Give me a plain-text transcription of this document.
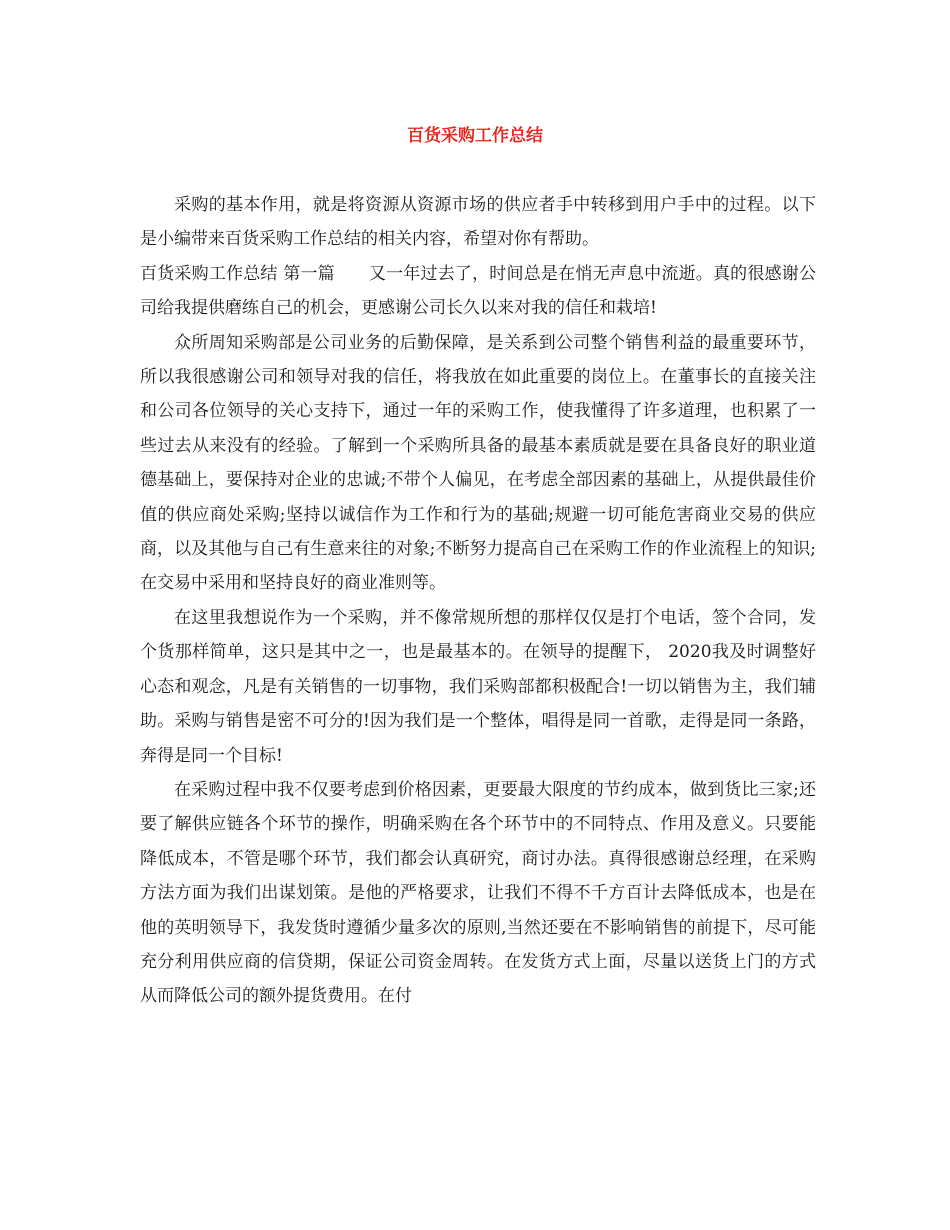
百货采购工作总结

采购的基本作用，就是将资源从资源市场的供应者手中转移到用户手中的过程。以下是小编带来百货采购工作总结的相关内容，希望对你有帮助。

百货采购工作总结 第一篇 又一年过去了，时间总是在悄无声息中流逝。真的很感谢公司给我提供磨练自己的机会，更感谢公司长久以来对我的信任和栽培!

众所周知采购部是公司业务的后勤保障，是关系到公司整个销售利益的最重要环节，所以我很感谢公司和领导对我的信任，将我放在如此重要的岗位上。在董事长的直接关注和公司各位领导的关心支持下，通过一年的采购工作，使我懂得了许多道理，也积累了一些过去从来没有的经验。了解到一个采购所具备的最基本素质就是要在具备良好的职业道德基础上，要保持对企业的忠诚;不带个人偏见，在考虑全部因素的基础上，从提供最佳价值的供应商处采购;坚持以诚信作为工作和行为的基础;规避一切可能危害商业交易的供应商，以及其他与自己有生意来往的对象;不断努力提高自己在采购工作的作业流程上的知识;在交易中采用和坚持良好的商业准则等。

在这里我想说作为一个采购，并不像常规所想的那样仅仅是打个电话，签个合同，发个货那样简单，这只是其中之一，也是最基本的。在领导的提醒下， 2020我及时调整好心态和观念，凡是有关销售的一切事物，我们采购部都积极配合!一切以销售为主，我们辅助。采购与销售是密不可分的!因为我们是一个整体，唱得是同一首歌，走得是同一条路，奔得是同一个目标!

在采购过程中我不仅要考虑到价格因素，更要最大限度的节约成本，做到货比三家;还要了解供应链各个环节的操作，明确采购在各个环节中的不同特点、作用及意义。只要能降低成本，不管是哪个环节，我们都会认真研究，商讨办法。真得很感谢总经理，在采购方法方面为我们出谋划策。是他的严格要求，让我们不得不千方百计去降低成本，也是在他的英明领导下，我发货时遵循少量多次的原则,当然还要在不影响销售的前提下，尽可能充分利用供应商的信贷期，保证公司资金周转。在发货方式上面，尽量以送货上门的方式从而降低公司的额外提货费用。在付
